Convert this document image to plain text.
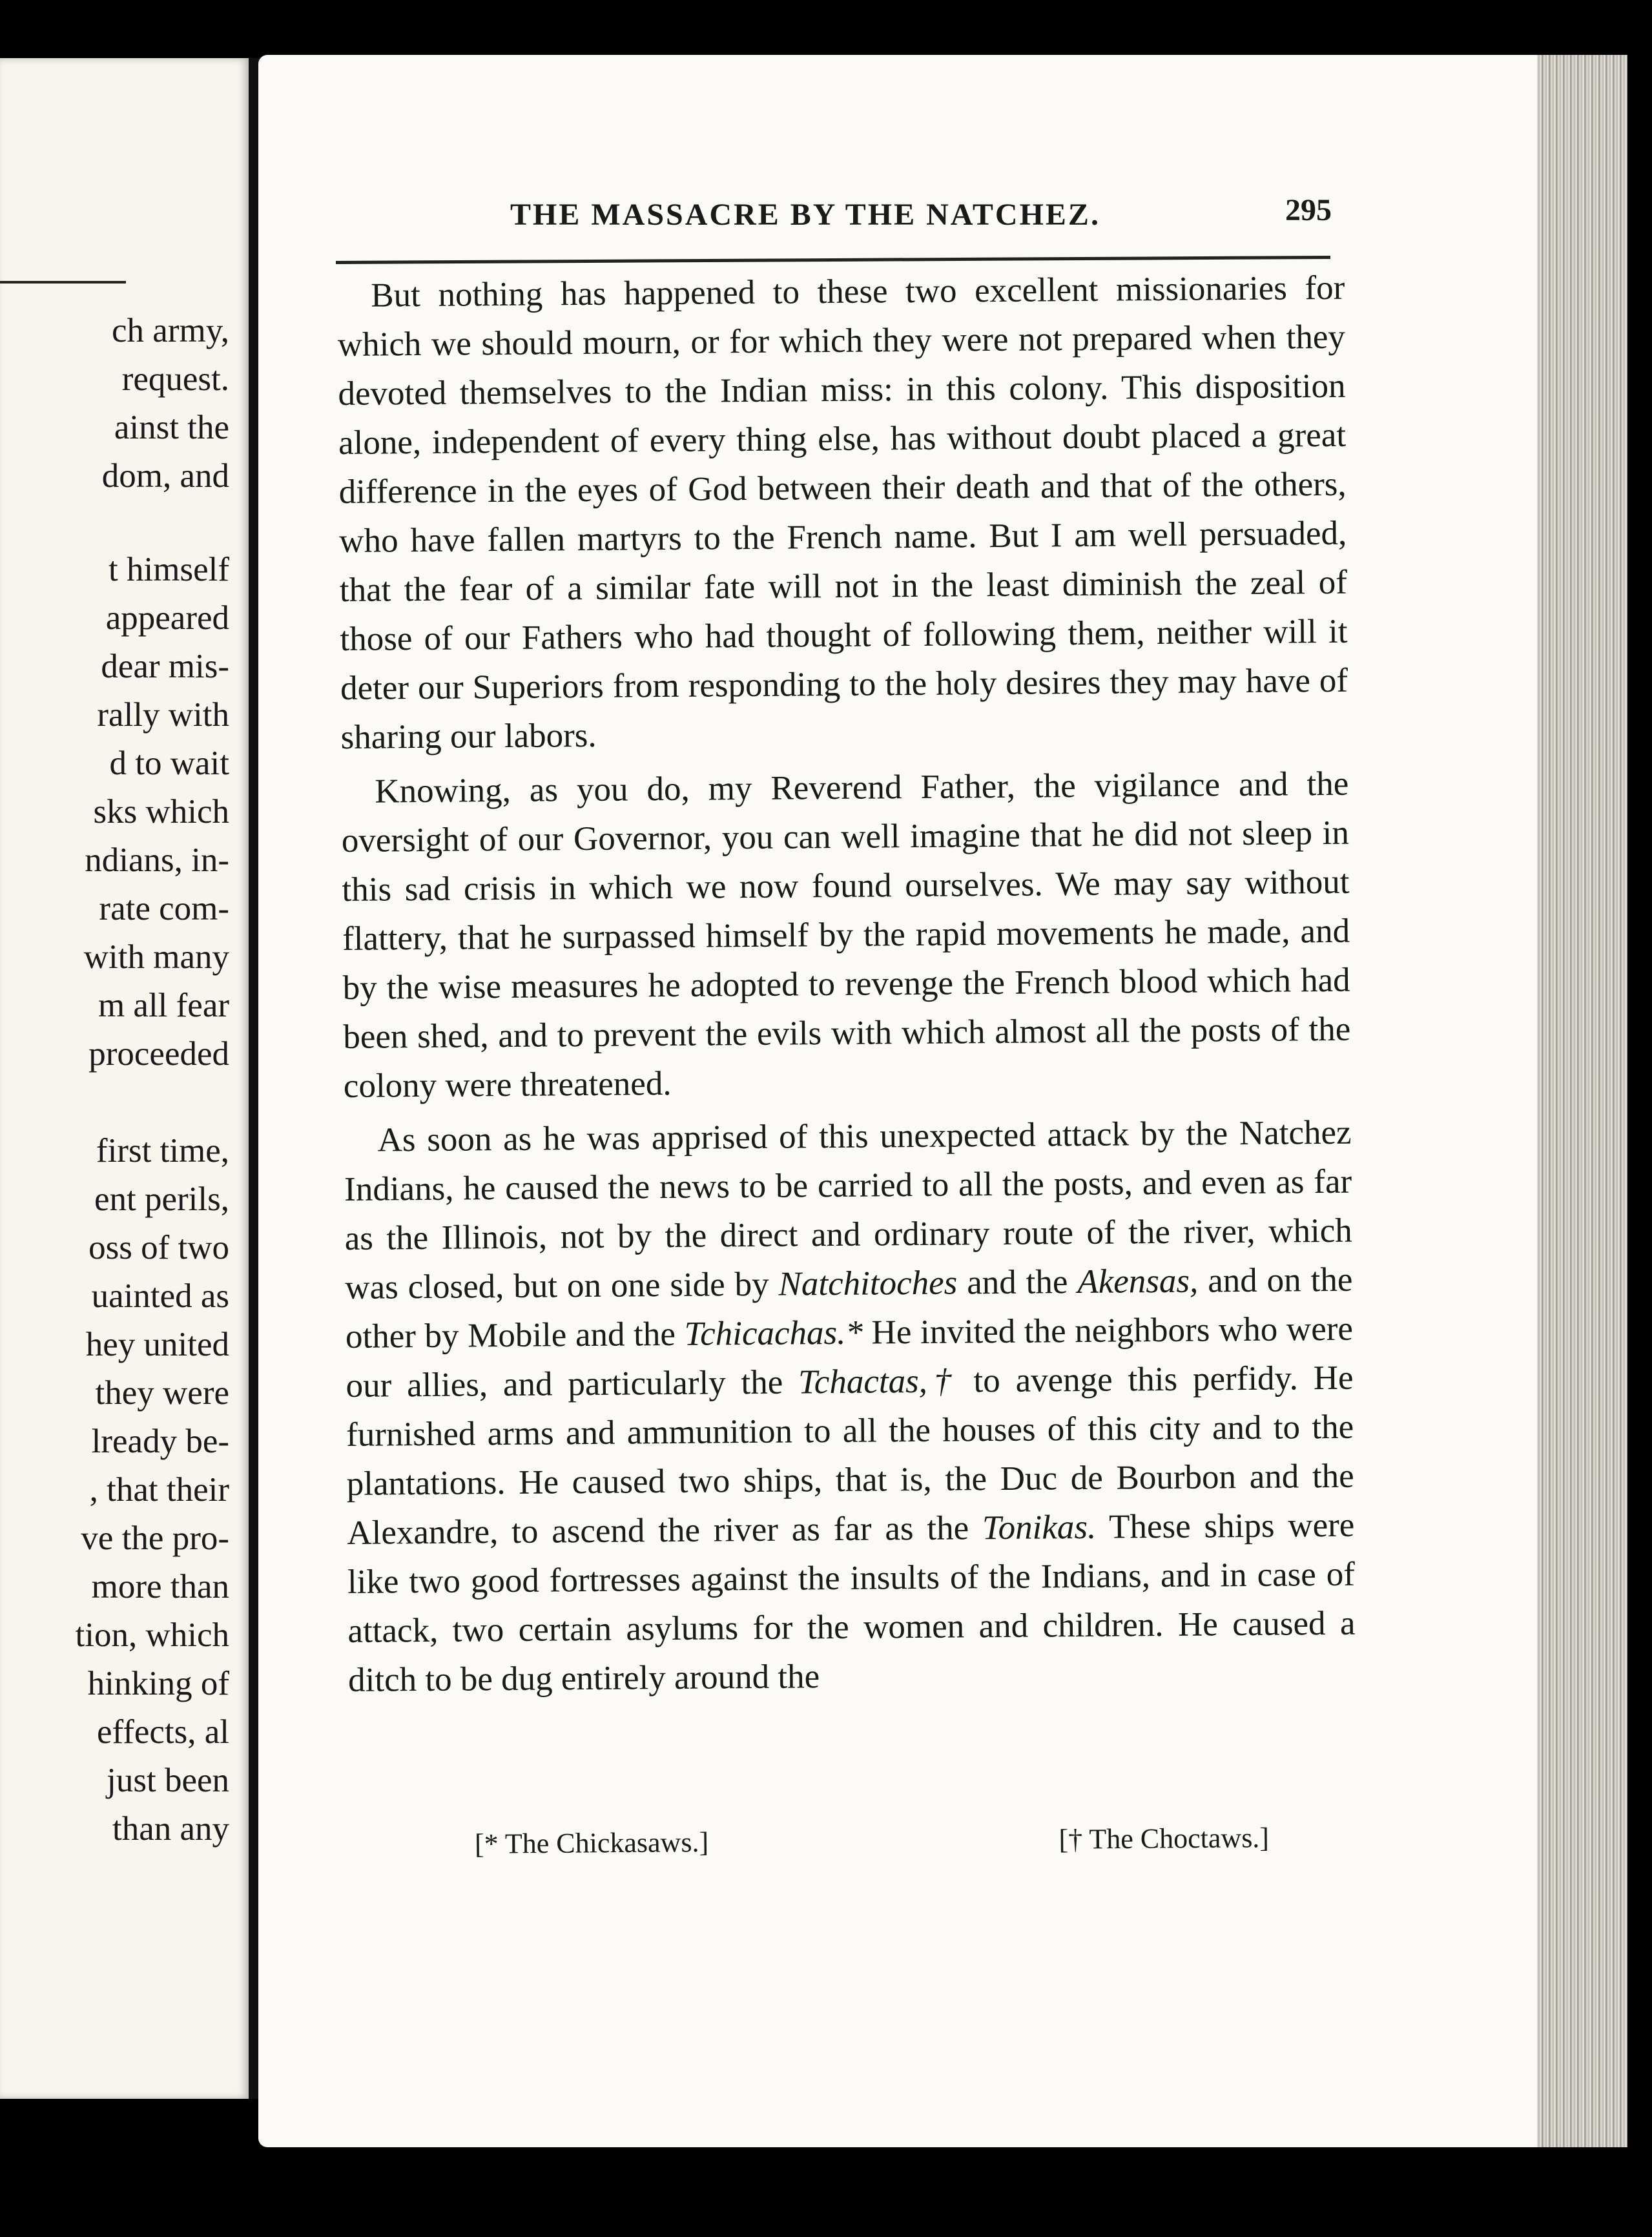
ch army,
request.
ainst the
dom, and
t himself
appeared
dear mis-
rally with
d to wait
sks which
ndians, in-
rate com-
with many
m all fear
proceeded
first time,
ent perils,
oss of two
uainted as
hey united
they were
lready be-
, that their
ve the pro-
more than
tion, which
hinking of
effects, al
just been
than any
THE MASSACRE BY THE NATCHEZ.	295

But nothing has happened to these two excellent missionaries for which we should mourn, or for which they were not prepared when they devoted themselves to the Indian miss: in this colony. This disposition alone, independent of every thing else, has without doubt placed a great difference in the eyes of God between their death and that of the others, who have fallen martyrs to the French name. But I am well persuaded, that the fear of a similar fate will not in the least diminish the zeal of those of our Fathers who had thought of following them, neither will it deter our Superiors from responding to the holy desires they may have of sharing our labors.

Knowing, as you do, my Reverend Father, the vigilance and the oversight of our Governor, you can well imagine that he did not sleep in this sad crisis in which we now found ourselves. We may say without flattery, that he surpassed himself by the rapid movements he made, and by the wise measures he adopted to revenge the French blood which had been shed, and to prevent the evils with which almost all the posts of the colony were threatened.

As soon as he was apprised of this unexpected attack by the Natchez Indians, he caused the news to be carried to all the posts, and even as far as the Illinois, not by the direct and ordinary route of the river, which was closed, but on one side by Natchitoches and the Akensas, and on the other by Mobile and the Tchicachas.* He invited the neighbors who were our allies, and particularly the Tchactas,† to avenge this perfidy. He furnished arms and ammunition to all the houses of this city and to the plantations. He caused two ships, that is, the Duc de Bourbon and the Alexandre, to ascend the river as far as the Tonikas. These ships were like two good fortresses against the insults of the Indians, and in case of attack, two certain asylums for the women and children. He caused a ditch to be dug entirely around the

[* The Chickasaws.]	[† The Choctaws.]
